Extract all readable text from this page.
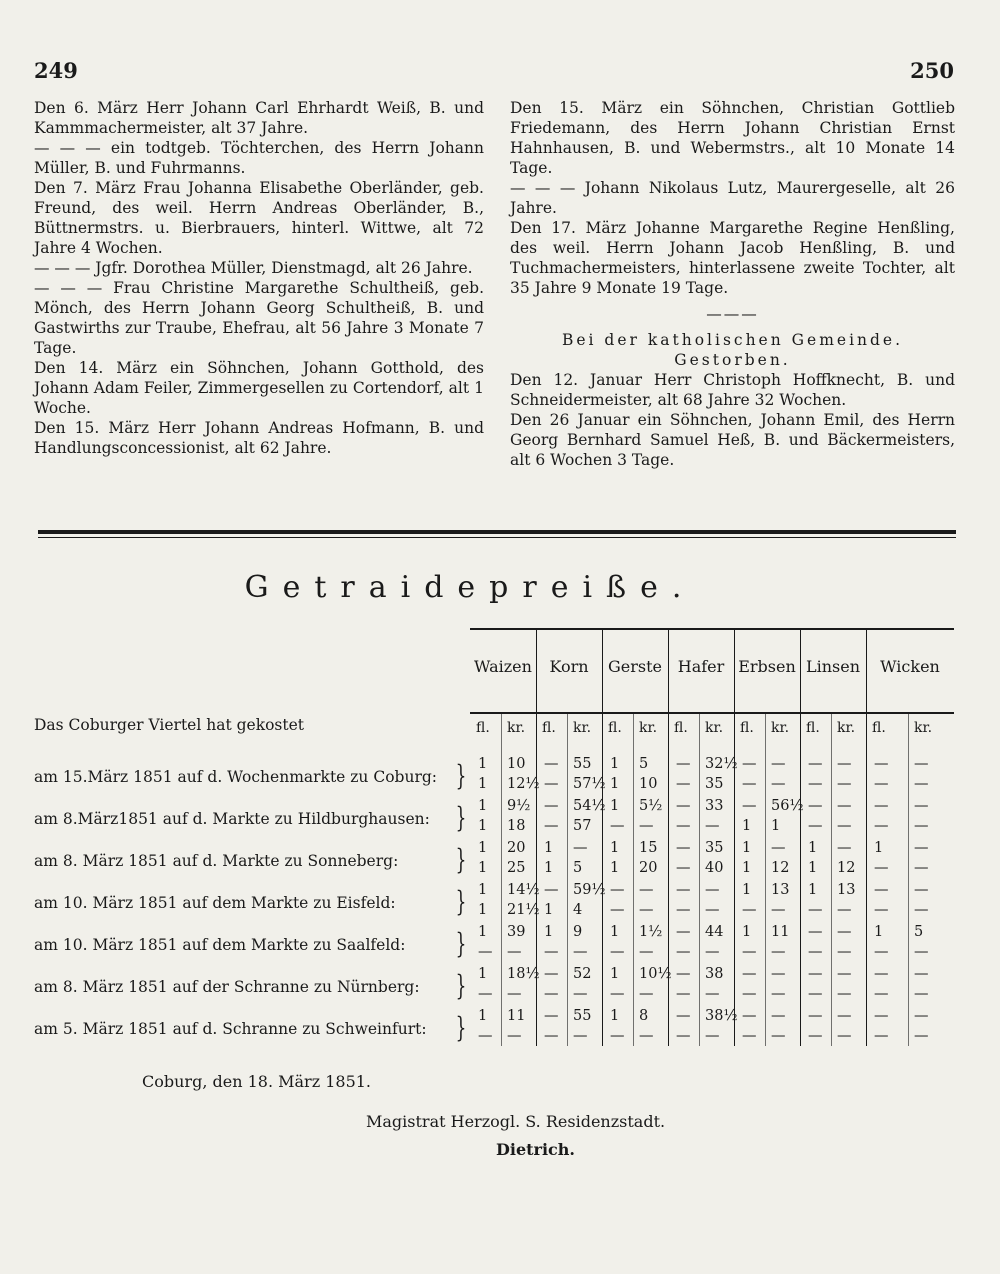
249	250
Den 6. März Herr Johann Carl Ehrhardt Weiß, B. und Kammmachermeister, alt 37 Jahre.
— — — ein todtgeb. Töchterchen, des Herrn Johann Müller, B. und Fuhrmanns.
Den 7. März Frau Johanna Elisabethe Oberländer, geb. Freund, des weil. Herrn Andreas Oberländer, B., Büttnermstrs. u. Bierbrauers, hinterl. Wittwe, alt 72 Jahre 4 Wochen.
— — — Jgfr. Dorothea Müller, Dienstmagd, alt 26 Jahre.
— — — Frau Christine Margarethe Schultheiß, geb. Mönch, des Herrn Johann Georg Schultheiß, B. und Gastwirths zur Traube, Ehefrau, alt 56 Jahre 3 Monate 7 Tage.
Den 14. März ein Söhnchen, Johann Gotthold, des Johann Adam Feiler, Zimmergesellen zu Cortendorf, alt 1 Woche.
Den 15. März Herr Johann Andreas Hofmann, B. und Handlungsconcessionist, alt 62 Jahre.
Den 15. März ein Söhnchen, Christian Gottlieb Friedemann, des Herrn Johann Christian Ernst Hahnhausen, B. und Webermstrs., alt 10 Monate 14 Tage.
— — — Johann Nikolaus Lutz, Maurergeselle, alt 26 Jahre.
Den 17. März Johanne Margarethe Regine Henßling, des weil. Herrn Johann Jacob Henßling, B. und Tuchmachermeisters, hinterlassene zweite Tochter, alt 35 Jahre 9 Monate 19 Tage.
———
Bei der katholischen Gemeinde.
Gestorben.
Den 12. Januar Herr Christoph Hoffknecht, B. und Schneidermeister, alt 68 Jahre 32 Wochen.
Den 26 Januar ein Söhnchen, Johann Emil, des Herrn Georg Bernhard Samuel Heß, B. und Bäckermeisters, alt 6 Wochen 3 Tage.
Getraidepreiße.
Das Coburger Viertel hat gekostet
am 15.März 1851 auf d. Wochenmarkte zu Coburg: }
am 8.März1851 auf d. Markte zu Hildburghausen: }
am 8. März 1851 auf d. Markte zu Sonneberg: }
am 10. März 1851 auf dem Markte zu Eisfeld: }
am 10. März 1851 auf dem Markte zu Saalfeld: }
am 8. März 1851 auf der Schranne zu Nürnberg: }
am 5. März 1851 auf d. Schranne zu Schweinfurt: }
Waizen
fl. kr.
Korn
fl. kr.
Gerste
fl. kr.
Hafer
fl. kr.
Erbsen
fl. kr.
Linsen
fl. kr.
Wicken
fl. kr.
1 10 — 55 1 5 — 32½ — — — — — —
1 12½ — 57½ 1 10 — 35 — — — — — —
1 9½ — 54½ 1 5½ — 33 — 56½ — — — —
1 18 — 57 — — — — 1 1 — — — —
1 20 1 — 1 15 — 35 1 — 1 — 1 —
1 25 1 5 1 20 — 40 1 12 1 12 — —
1 14½ — 59½ — — — — 1 13 1 13 — —
1 21½ 1 4 — — — — — — — — — —
1 39 1 9 1 1½ — 44 1 11 — — 1 5
— — — — — — — — — — — — — —
1 18½ — 52 1 10½ — 38 — — — — — —
— — — — — — — — — — — — — —
1 11 — 55 1 8 — 38½ — — — — — —
— — — — — — — — — — — — — —
Coburg, den 18. März 1851.
Magistrat Herzogl. S. Residenzstadt.
Dietrich.
